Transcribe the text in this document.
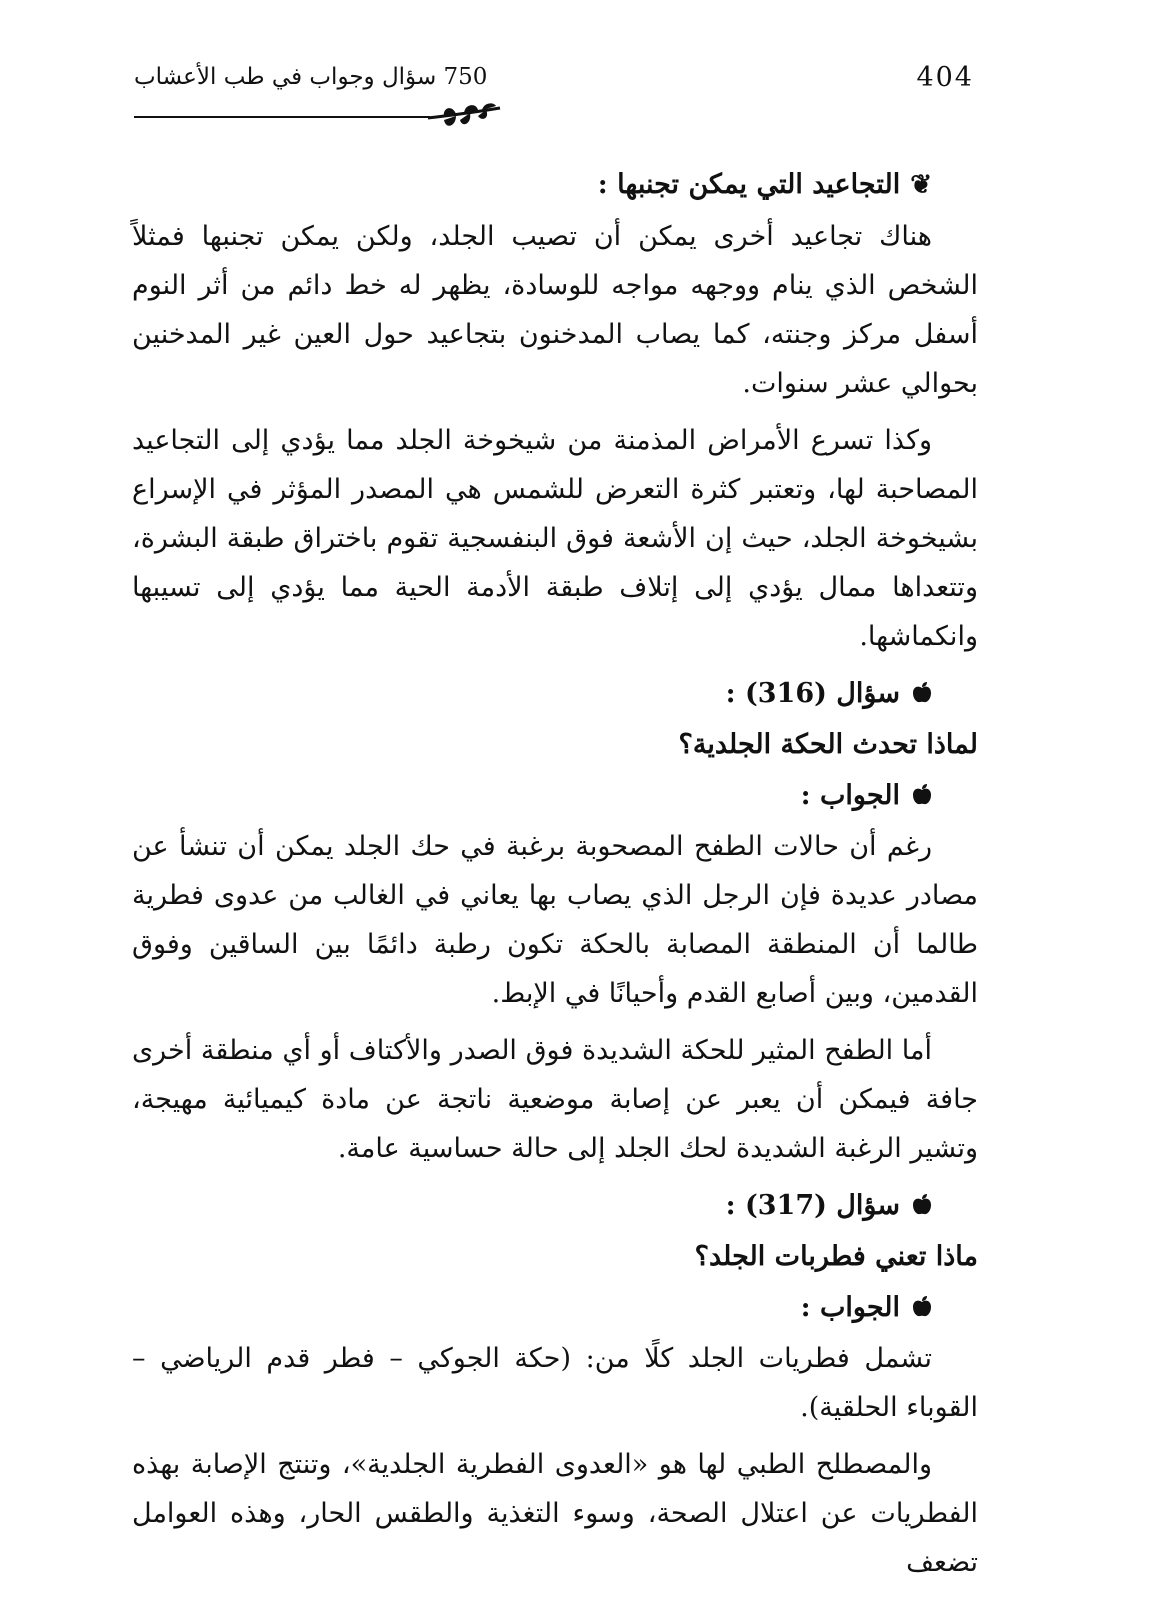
750 سؤال وجواب في طب الأعشاب	404

❦التجاعيد التي يمكن تجنبها :

هناك تجاعيد أخرى يمكن أن تصيب الجلد، ولكن يمكن تجنبها فمثلاً الشخص الذي ينام ووجهه مواجه للوسادة، يظهر له خط دائم من أثر النوم أسفل مركز وجنته، كما يصاب المدخنون بتجاعيد حول العين غير المدخنين بحوالي عشر سنوات.

وكذا تسرع الأمراض المذمنة من شيخوخة الجلد مما يؤدي إلى التجاعيد المصاحبة لها، وتعتبر كثرة التعرض للشمس هي المصدر المؤثر في الإسراع بشيخوخة الجلد، حيث إن الأشعة فوق البنفسجية تقوم باختراق طبقة البشرة، وتتعداها ممال يؤدي إلى إتلاف طبقة الأدمة الحية مما يؤدي إلى تسيبها وانكماشها.

سؤال (316) :

لماذا تحدث الحكة الجلدية؟

الجواب :

رغم أن حالات الطفح المصحوبة برغبة في حك الجلد يمكن أن تنشأ عن مصادر عديدة فإن الرجل الذي يصاب بها يعاني في الغالب من عدوى فطرية طالما أن المنطقة المصابة بالحكة تكون رطبة دائمًا بين الساقين وفوق القدمين، وبين أصابع القدم وأحيانًا في الإبط.

أما الطفح المثير للحكة الشديدة فوق الصدر والأكتاف أو أي منطقة أخرى جافة فيمكن أن يعبر عن إصابة موضعية ناتجة عن مادة كيميائية مهيجة، وتشير الرغبة الشديدة لحك الجلد إلى حالة حساسية عامة.

سؤال (317) :

ماذا تعني فطربات الجلد؟

الجواب :

تشمل فطريات الجلد كلًا من: (حكة الجوكي – فطر قدم الرياضي – القوباء الحلقية).

والمصطلح الطبي لها هو «العدوى الفطرية الجلدية»، وتنتج الإصابة بهذه الفطريات عن اعتلال الصحة، وسوء التغذية والطقس الحار، وهذه العوامل تضعف
